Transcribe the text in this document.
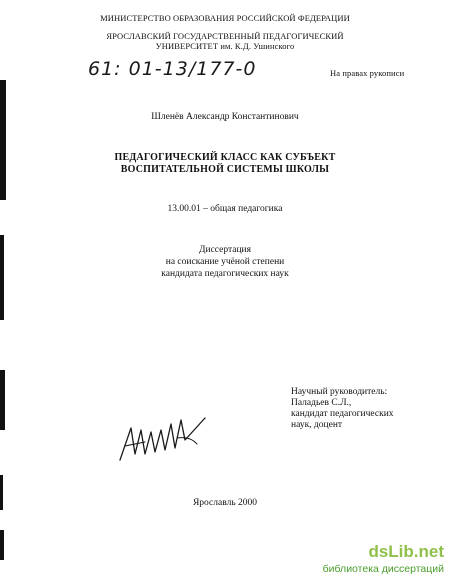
МИНИСТЕРСТВО ОБРАЗОВАНИЯ РОССИЙСКОЙ ФЕДЕРАЦИИ
ЯРОСЛАВСКИЙ ГОСУДАРСТВЕННЫЙ ПЕДАГОГИЧЕСКИЙ
УНИВЕРСИТЕТ им. К.Д. Ушинского
61: 01-13/177-0	На правах рукописи
Шленёв Александр Константинович
ПЕДАГОГИЧЕСКИЙ КЛАСС КАК СУБЪЕКТ
ВОСПИТАТЕЛЬНОЙ СИСТЕМЫ ШКОЛЫ
13.00.01 – общая педагогика
Диссертация
на соискание учёной степени
кандидата педагогических наук
Научный руководитель:
Паладьев С.Л.,
кандидат педагогических
наук, доцент
Ярославль 2000
dsLib.net
библиотека диссертаций
